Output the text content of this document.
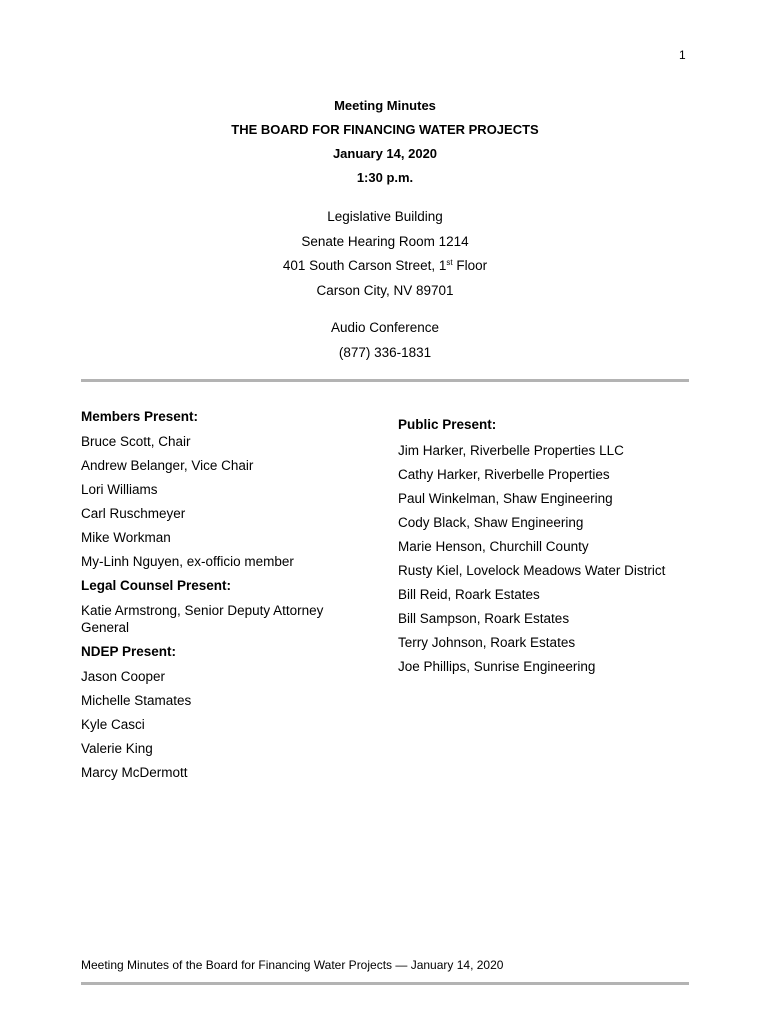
1
Meeting Minutes
THE BOARD FOR FINANCING WATER PROJECTS
January 14, 2020
1:30 p.m.
Legislative Building
Senate Hearing Room 1214
401 South Carson Street, 1st Floor
Carson City, NV 89701
Audio Conference
(877) 336-1831
Members Present:
Bruce Scott, Chair
Andrew Belanger, Vice Chair
Lori Williams
Carl Ruschmeyer
Mike Workman
My-Linh Nguyen, ex-officio member
Legal Counsel Present:
Katie Armstrong, Senior Deputy Attorney General
NDEP Present:
Jason Cooper
Michelle Stamates
Kyle Casci
Valerie King
Marcy McDermott
Public Present:
Jim Harker, Riverbelle Properties LLC
Cathy Harker, Riverbelle Properties
Paul Winkelman, Shaw Engineering
Cody Black, Shaw Engineering
Marie Henson, Churchill County
Rusty Kiel, Lovelock Meadows Water District
Bill Reid, Roark Estates
Bill Sampson, Roark Estates
Terry Johnson, Roark Estates
Joe Phillips, Sunrise Engineering
Meeting Minutes of the Board for Financing Water Projects — January 14, 2020
